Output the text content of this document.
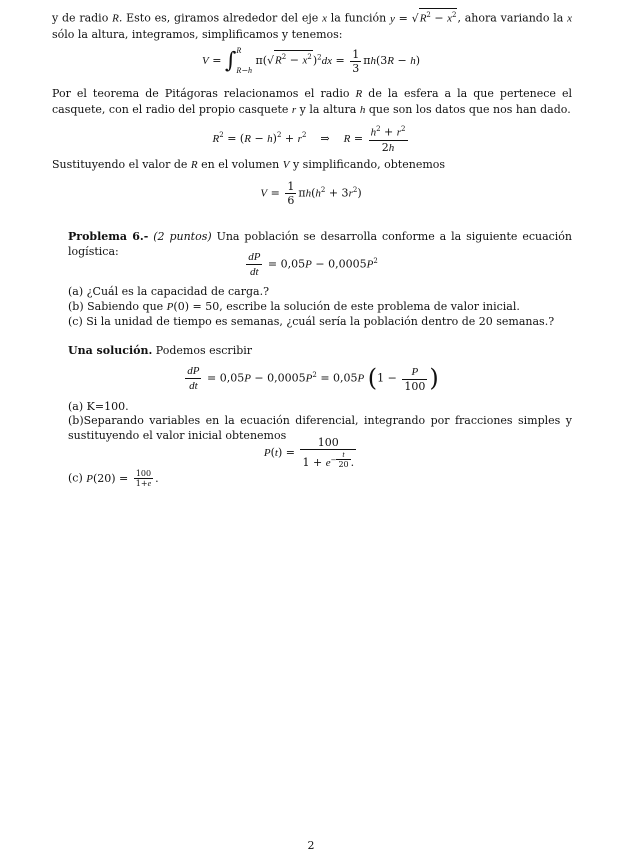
y de radio R. Esto es, giramos alrededor del eje x la función $y = √R^2 - x^2$, ahora variando la x sólo la altura, integramos, simplificamos y tenemos:
V = ∫R

R−h $\pi(√R^2 - x^2)^2dx = \frac{1}{3} \pi h(3R - h)$
Por el teorema de Pitágoras relacionamos el radio R de la esfera a la que pertenece el casquete, con el radio del propio casquete r y la altura h que son los datos que nos han dado.
$R^2 = (R - h)^2 + r^2$    ⇒    $R = \frac{h^2 + r^2}{2h}$
Sustituyendo el valor de R en el volumen V y simplificando, obtenemos
$V = \frac{1}{6} \pi h(h^2 + 3r^2)$
Problema 6.- (2 puntos) Una población se desarrolla conforme a la siguiente ecuación logística:	$\frac{dP}{dt} = 0,05P - 0,0005P^2$
(a) ¿Cuál es la capacidad de carga.?
(b) Sabiendo que P(0) = 50, escribe la solución de este problema de valor inicial.
(c) Si la unidad de tiempo es semanas, ¿cuál sería la población dentro de 20 semanas.?
Una solución. Podemos escribir
$\frac{dP}{dt} = 0,05P - 0,0005P^2 = 0,05P$ ($1 - \frac{P}{100}$ )
(a) K=100.
(b)Separando variables en la ecuación diferencial, integrando por fracciones simples y sustituyendo el valor inicial obtenemos
P(t) = 100
$1 + e^{- \frac{t}{20}}$ .
(c) $P(20) = \frac{100}{1+e}$ .
2
